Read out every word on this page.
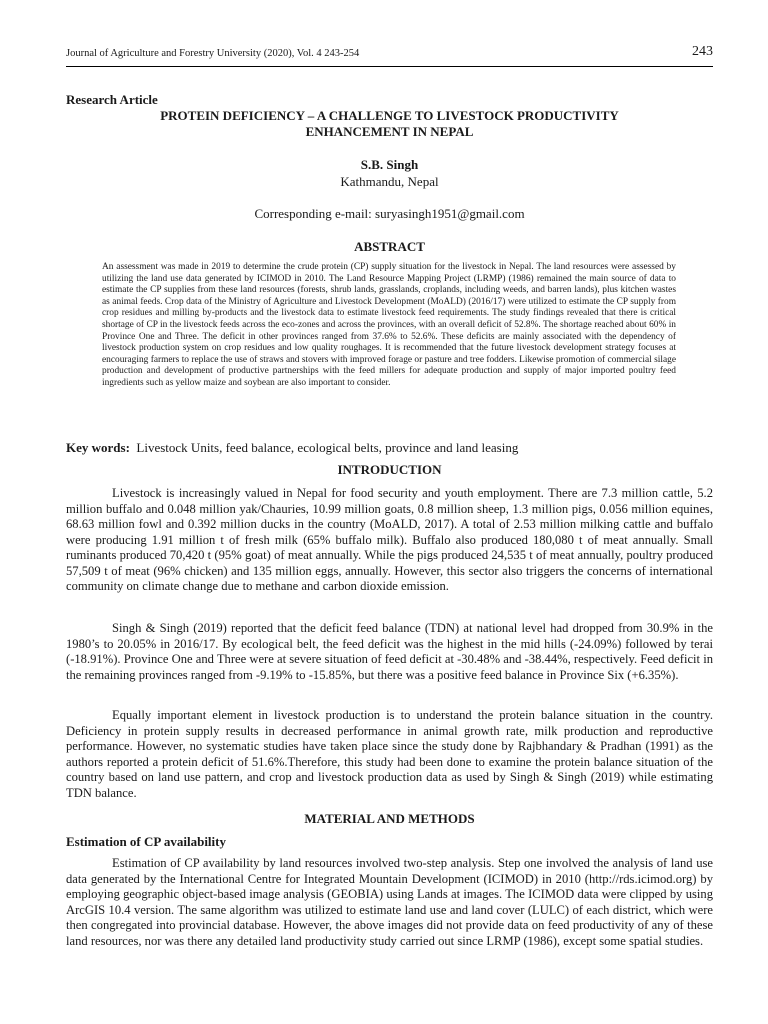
Journal of Agriculture and Forestry University (2020), Vol. 4 243-254	243
Research Article
PROTEIN DEFICIENCY – A CHALLENGE TO LIVESTOCK PRODUCTIVITY
ENHANCEMENT IN NEPAL
S.B. Singh
Kathmandu, Nepal
Corresponding e-mail: suryasingh1951@gmail.com
ABSTRACT
An assessment was made in 2019 to determine the crude protein (CP) supply situation for the livestock in Nepal. The land resources were assessed by utilizing the land use data generated by ICIMOD in 2010. The Land Resource Mapping Project (LRMP) (1986) remained the main source of data to estimate the CP supplies from these land resources (forests, shrub lands, grasslands, croplands, including weeds, and barren lands), plus kitchen wastes as animal feeds. Crop data of the Ministry of Agriculture and Livestock Development (MoALD) (2016/17) were utilized to estimate the CP supply from crop residues and milling by-products and the livestock data to estimate livestock feed requirements. The study findings revealed that there is critical shortage of CP in the livestock feeds across the eco-zones and across the provinces, with an overall deficit of 52.8%. The shortage reached about 60% in Province One and Three. The deficit in other provinces ranged from 37.6% to 52.6%. These deficits are mainly associated with the dependency of livestock production system on crop residues and low quality roughages. It is recommended that the future livestock development strategy focuses at encouraging farmers to replace the use of straws and stovers with improved forage or pasture and tree fodders. Likewise promotion of commercial silage production and development of productive partnerships with the feed millers for adequate production and supply of major imported poultry feed ingredients such as yellow maize and soybean are also important to consider.
Key words: Livestock Units, feed balance, ecological belts, province and land leasing
INTRODUCTION
Livestock is increasingly valued in Nepal for food security and youth employment. There are 7.3 million cattle, 5.2 million buffalo and 0.048 million yak/Chauries, 10.99 million goats, 0.8 million sheep, 1.3 million pigs, 0.056 million equines, 68.63 million fowl and 0.392 million ducks in the country (MoALD, 2017). A total of 2.53 million milking cattle and buffalo were producing 1.91 million t of fresh milk (65% buffalo milk). Buffalo also produced 180,080 t of meat annually. Small ruminants produced 70,420 t (95% goat) of meat annually. While the pigs produced 24,535 t of meat annually, poultry produced 57,509 t of meat (96% chicken) and 135 million eggs, annually. However, this sector also triggers the concerns of international community on climate change due to methane and carbon dioxide emission.
Singh & Singh (2019) reported that the deficit feed balance (TDN) at national level had dropped from 30.9% in the 1980’s to 20.05% in 2016/17. By ecological belt, the feed deficit was the highest in the mid hills (-24.09%) followed by terai (-18.91%). Province One and Three were at severe situation of feed deficit at -30.48% and -38.44%, respectively. Feed deficit in the remaining provinces ranged from -9.19% to -15.85%, but there was a positive feed balance in Province Six (+6.35%).
Equally important element in livestock production is to understand the protein balance situation in the country. Deficiency in protein supply results in decreased performance in animal growth rate, milk production and reproductive performance. However, no systematic studies have taken place since the study done by Rajbhandary & Pradhan (1991) as the authors reported a protein deficit of 51.6%.Therefore, this study had been done to examine the protein balance situation of the country based on land use pattern, and crop and livestock production data as used by Singh & Singh (2019) while estimating TDN balance.
MATERIAL AND METHODS
Estimation of CP availability
Estimation of CP availability by land resources involved two-step analysis. Step one involved the analysis of land use data generated by the International Centre for Integrated Mountain Development (ICIMOD) in 2010 (http://rds.icimod.org) by employing geographic object-based image analysis (GEOBIA) using Lands at images. The ICIMOD data were clipped by using ArcGIS 10.4 version. The same algorithm was utilized to estimate land use and land cover (LULC) of each district, which were then congregated into provincial database. However, the above images did not provide data on feed productivity of any of these land resources, nor was there any detailed land productivity study carried out since LRMP (1986), except some spatial studies.
